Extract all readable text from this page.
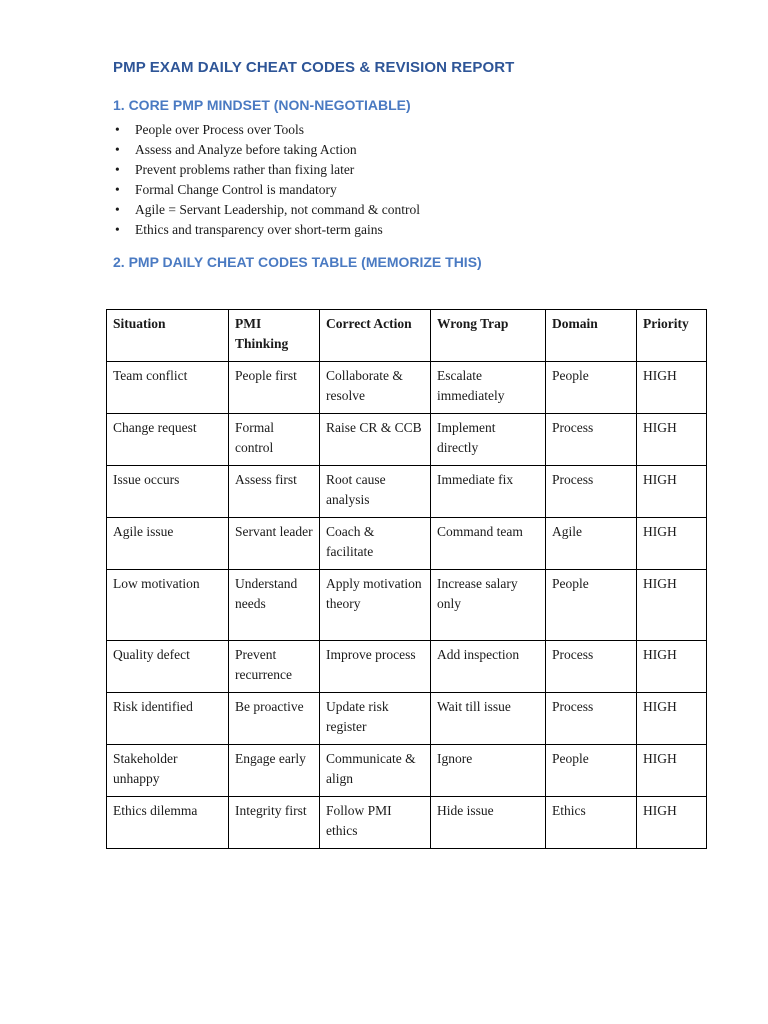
PMP EXAM DAILY CHEAT CODES & REVISION REPORT
1. CORE PMP MINDSET (NON-NEGOTIABLE)
• People over Process over Tools
• Assess and Analyze before taking Action
• Prevent problems rather than fixing later
• Formal Change Control is mandatory
• Agile = Servant Leadership, not command & control
• Ethics and transparency over short-term gains
2. PMP DAILY CHEAT CODES TABLE (MEMORIZE THIS)
Situation	PMI Thinking	Correct Action	Wrong Trap	Domain	Priority
Team conflict	People first	Collaborate & resolve	Escalate immediately	People	HIGH
Change request	Formal control	Raise CR & CCB	Implement directly	Process	HIGH
Issue occurs	Assess first	Root cause analysis	Immediate fix	Process	HIGH
Agile issue	Servant leader	Coach & facilitate	Command team	Agile	HIGH
Low motivation	Understand needs	Apply motivation theory	Increase salary only	People	HIGH
Quality defect	Prevent recurrence	Improve process	Add inspection	Process	HIGH
Risk identified	Be proactive	Update risk register	Wait till issue	Process	HIGH
Stakeholder unhappy	Engage early	Communicate & align	Ignore	People	HIGH
Ethics dilemma	Integrity first	Follow PMI ethics	Hide issue	Ethics	HIGH
